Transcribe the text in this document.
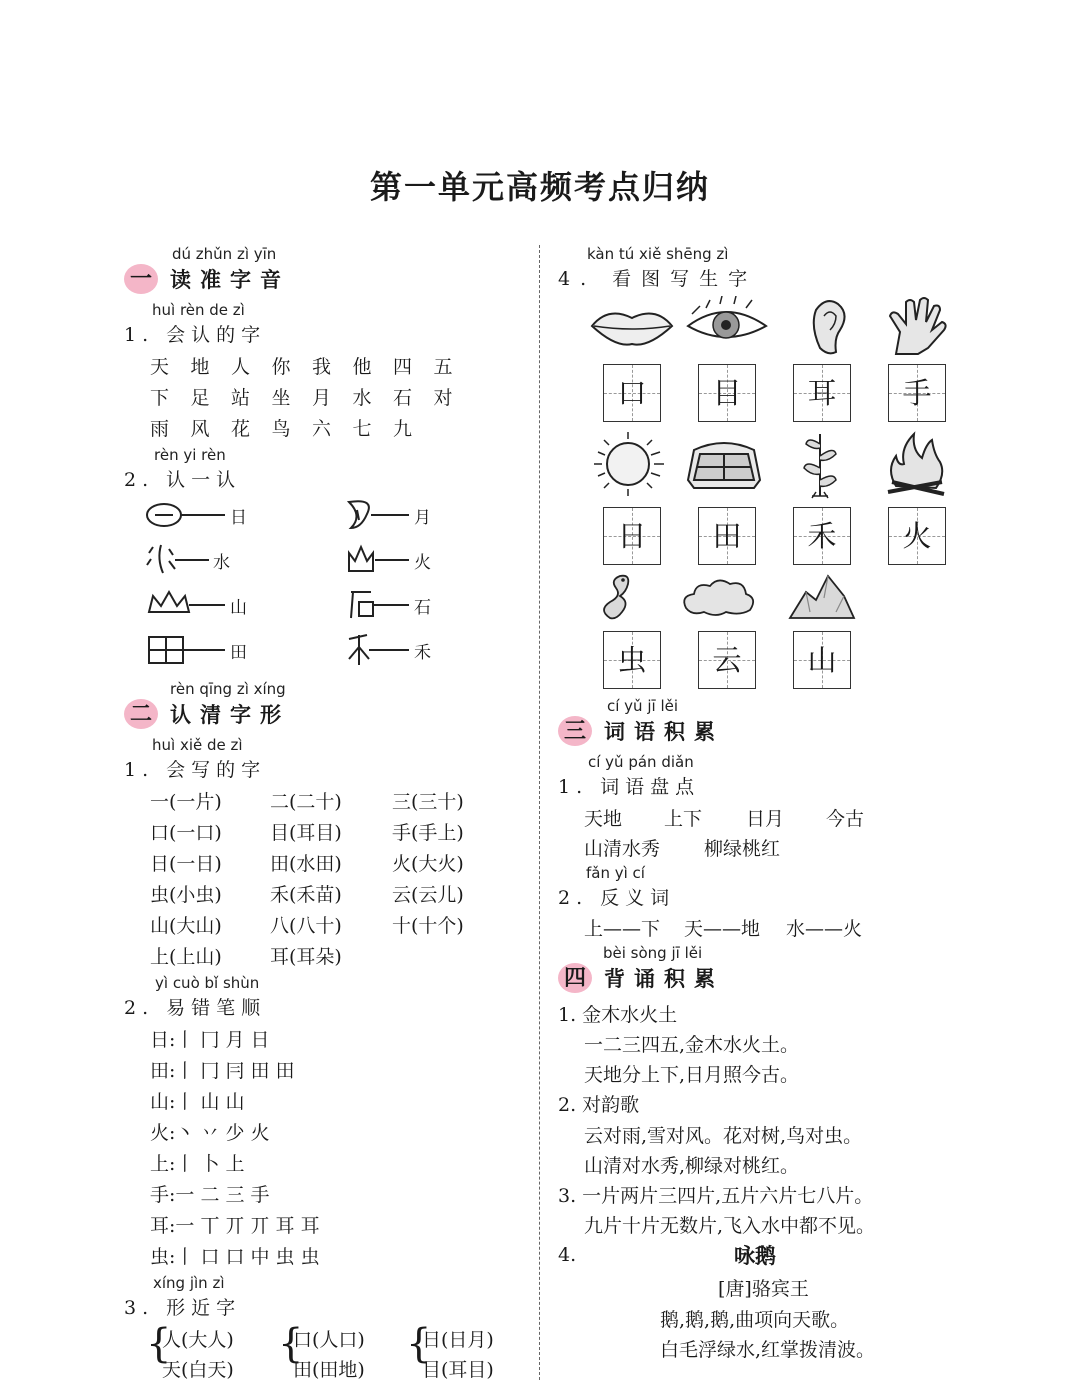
第一单元高频考点归纳
dú zhǔn zì yīn
一 读准字音
huì rèn de zì
1. 会认的字
天 地 人 你 我 他 四 五
下 足 站 坐 月 水 石 对
雨 风 花 鸟 六 七 九
rèn yi rèn
2. 认一认
日	月
水	火
山	石
田	禾
rèn qīng zì xíng
二 认清字形
huì xiě de zì
1. 会写的字
一(一片)	二(二十)	三(三十)
口(一口)	目(耳目)	手(手上)
日(一日)	田(水田)	火(大火)
虫(小虫)	禾(禾苗)	云(云儿)
山(大山)	八(八十)	十(十个)
上(上山)	耳(耳朵)
yì cuò bǐ shùn
2. 易错笔顺
日:丨 冂 月 日
田:丨 冂 冃 田 田
山:丨 山 山
火:丶 丷 少 火
上:丨 卜 上
手:一 二 三 手
耳:一 丅 丌 丌 耳 耳
虫:丨 口 口 中 虫 虫
xíng jìn zì
3. 形近字
{
人(大人)
天(白天)
{
口(人口)
田(田地)
{
日(日月)
目(耳目)
kàn tú xiě shēng zì
4. 看图写生字
口	目	耳	手
日	田	禾	火
虫	云	山
cí yǔ jī lěi
三 词语积累
cí yǔ pán diǎn
1. 词语盘点
天地 上下 日月 今古
山清水秀 柳绿桃红
fǎn yì cí
2. 反义词
上——下 天——地 水——火
bèi sòng jī lěi
四 背诵积累
1. 金木水火土
一二三四五,金木水火土。
天地分上下,日月照今古。
2. 对韵歌
云对雨,雪对风。花对树,鸟对虫。
山清对水秀,柳绿对桃红。
3. 一片两片三四片,五片六片七八片。
九片十片无数片,飞入水中都不见。
4.	咏鹅
[唐]骆宾王
鹅,鹅,鹅,曲项向天歌。
白毛浮绿水,红掌拨清波。
